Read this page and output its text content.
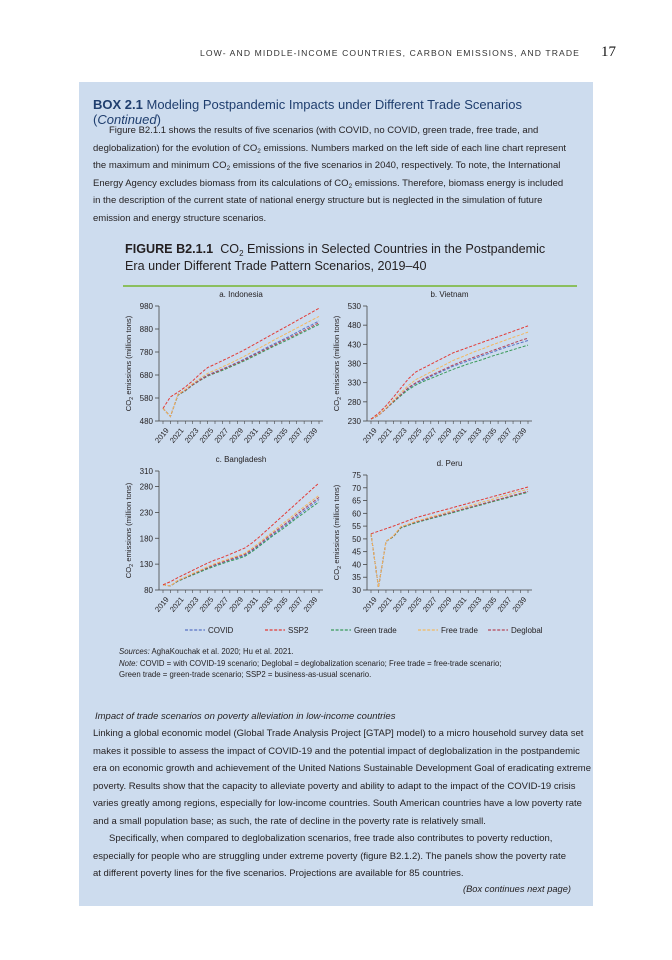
LOW- AND MIDDLE-INCOME COUNTRIES, CARBON EMISSIONS, AND TRADE 17
BOX 2.1 Modeling Postpandemic Impacts under Different Trade Scenarios (Continued)
Figure B2.1.1 shows the results of five scenarios (with COVID, no COVID, green trade, free trade, and
deglobalization) for the evolution of $CO_2$ emissions. Numbers marked on the left side of each line chart represent
the maximum and minimum $CO_2$ emissions of the five scenarios in 2040, respectively. To note, the International
Energy Agency excludes biomass from its calculations of $CO_2$ emissions. Therefore, biomass energy is included
in the description of the current state of national energy structure but is neglected in the simulation of future
emission and energy structure scenarios.
FIGURE B2.1.1 $CO_2$ Emissions in Selected Countries in the Postpandemic
Era under Different Trade Pattern Scenarios, 2019–40
Sources: AghaKouchak et al. 2020; Hu et al. 2021.
Note: COVID = with COVID-19 scenario; Deglobal = deglobalization scenario; Free trade = free-trade scenario;
Green trade = green-trade scenario; SSP2 = business-as-usual scenario.
Impact of trade scenarios on poverty alleviation in low-income countries
Linking a global economic model (Global Trade Analysis Project [GTAP] model) to a micro household survey data set
makes it possible to assess the impact of COVID-19 and the potential impact of deglobalization in the postpandemic
era on economic growth and achievement of the United Nations Sustainable Development Goal of eradicating extreme
poverty. Results show that the capacity to alleviate poverty and ability to adapt to the impact of the COVID-19 crisis
varies greatly among regions, especially for low-income countries. South American countries have a low poverty rate
and a small population base; as such, the rate of decline in the poverty rate is relatively small.
Specifically, when compared to deglobalization scenarios, free trade also contributes to poverty reduction,
especially for people who are struggling under extreme poverty (figure B2.1.2). The panels show the poverty rate
at different poverty lines for the five scenarios. Projections are available for 85 countries.
(Box continues next page)
a. Indonesia
480
580
680
780
880
980
2019
2021
2023
2025
2027
2029
2031
2033
2035
2037
2039
$CO_2$ emissions (million tons)
b. Vietnam
230
280
330
380
430
480
530
2019
2021
2023
2025
2027
2029
2031
2033
2035
2037
2039
$CO_2$ emissions (million tons)
c. Bangladesh
80
130
180
230
280
310
2019
2021
2023
2025
2027
2029
2031
2033
2035
2037
2039
$CO_2$ emissions (million tons)
d. Peru
30
35
40
45
50
55
60
65
70
75
2019
2021
2023
2025
2027
2029
2031
2033
2035
2037
2039
$CO_2$ emissions (million tons)
COVID	SSP2	Green trade	Free trade	Deglobal
